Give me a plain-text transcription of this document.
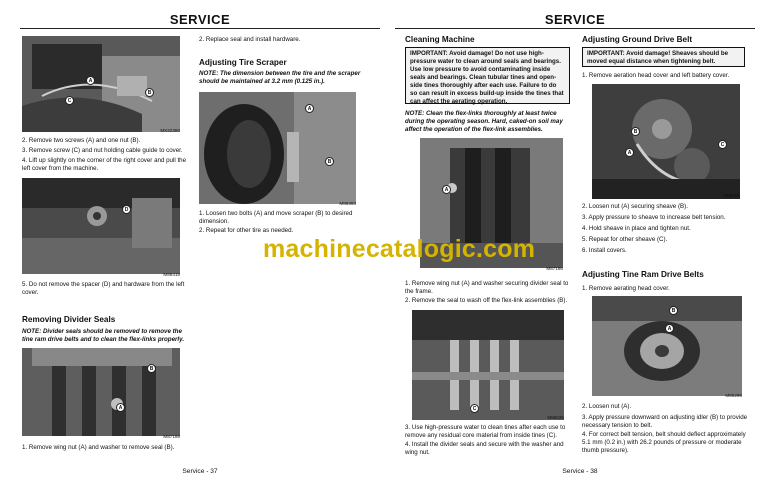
SERVICE
A
B
C
MX22380
2. Remove two screws (A) and one nut (B).
3. Remove screw (C) and nut holding cable guide to cover.
4. Lift up slightly on the corner of the right cover and pull the left cover from the machine.
D
M86419
5. Do not remove the spacer (D) and hardware from the left cover.
Removing Divider Seals
NOTE: Divider seals should be removed to remove the tine ram drive belts and to clean the flex-links properly.
A
B
M87189
1. Remove wing nut (A) and washer to remove seal (B).
2. Replace seal and install hardware.
Adjusting Tire Scraper
NOTE: The dimension between the tire and the scraper should be maintained at 3.2 mm (0.125 in.).
A
B
M88393
1. Loosen two bolts (A) and move scraper (B) to desired dimension.
2. Repeat for other tire as needed.
Service - 37
SERVICE
Cleaning Machine
IMPORTANT: Avoid damage! Do not use high-pressure water to clean around seals and bearings. Use low pressure to avoid contaminating inside seals and bearings. Clean tubular tines and open-side tines thoroughly after each use. Failure to do so can result in excess build-up inside the tines that can affect the aerating operation.
NOTE: Clean the flex-links thoroughly at least twice during the operating season. Hard, caked-on soil may affect the operation of the flex-link assemblies.
A
M87186
1. Remove wing nut (A) and washer securing divider seal to the frame.
2. Remove the seal to wash off the flex-link assemblies (B).
C
M86025
3. Use high-pressure water to clean tines after each use to remove any residual core material from inside tines (C).
4. Install the divider seals and secure with the washer and wing nut.
Adjusting Ground Drive Belt
IMPORTANT: Avoid damage! Sheaves should be moved equal distance when tightening belt.
1. Remove aeration head cover and left battery cover.
A
B
C
M88399
2. Loosen nut (A) securing sheave (B).
3. Apply pressure to sheave to increase belt tension.
4. Hold sheave in place and tighten nut.
5. Repeat for other sheave (C).
6. Install covers.
Adjusting Tine Ram Drive Belts
1. Remove aerating head cover.
A
B
M86286
2. Loosen nut (A).
3. Apply pressure downward on adjusting idler (B) to provide necessary tension to belt.
4. For correct belt tension, belt should deflect approximately 5.1 mm (0.2 in.) with 26.2 pounds of pressure or moderate thumb pressure).
Service - 38
machinecatalogic.com
